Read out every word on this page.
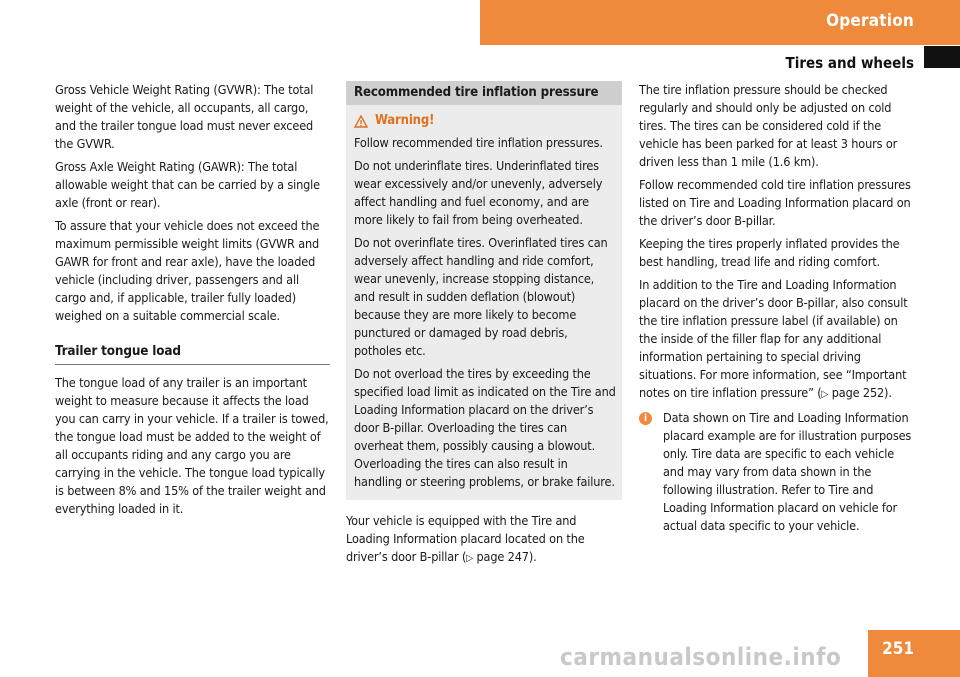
Operation
Tires and wheels

Gross Vehicle Weight Rating (GVWR): The total weight of the vehicle, all occupants, all cargo, and the trailer tongue load must never exceed the GVWR.

Gross Axle Weight Rating (GAWR): The total allowable weight that can be carried by a single axle (front or rear).

To assure that your vehicle does not exceed the maximum permissible weight limits (GVWR and GAWR for front and rear axle), have the loaded vehicle (including driver, passengers and all cargo and, if applicable, trailer fully loaded) weighed on a suitable commercial scale.

Trailer tongue load

The tongue load of any trailer is an important weight to measure because it affects the load you can carry in your vehicle. If a trailer is towed, the tongue load must be added to the weight of all occupants riding and any cargo you are carrying in the vehicle. The tongue load typically is between 8% and 15% of the trailer weight and everything loaded in it.

Recommended tire inflation pressure
Warning!

Follow recommended tire inflation pressures.

Do not underinflate tires. Underinflated tires wear excessively and/or unevenly, adversely affect handling and fuel economy, and are more likely to fail from being overheated.

Do not overinflate tires. Overinflated tires can adversely affect handling and ride comfort, wear unevenly, increase stopping distance, and result in sudden deflation (blowout) because they are more likely to become punctured or damaged by road debris, potholes etc.

Do not overload the tires by exceeding the specified load limit as indicated on the Tire and Loading Information placard on the driver’s door B-pillar. Overloading the tires can overheat them, possibly causing a blowout. Overloading the tires can also result in handling or steering problems, or brake failure.

Your vehicle is equipped with the Tire and Loading Information placard located on the driver’s door B-pillar (▷ page 247).

The tire inflation pressure should be checked regularly and should only be adjusted on cold tires. The tires can be considered cold if the vehicle has been parked for at least 3 hours or driven less than 1 mile (1.6 km).

Follow recommended cold tire inflation pressures listed on Tire and Loading Information placard on the driver’s door B-pillar.

Keeping the tires properly inflated provides the best handling, tread life and riding comfort.

In addition to the Tire and Loading Information placard on the driver’s door B-pillar, also consult the tire inflation pressure label (if available) on the inside of the filler flap for any additional information pertaining to special driving situations. For more information, see “Important notes on tire inflation pressure” (▷ page 252).

i	Data shown on Tire and Loading Information placard example are for illustration purposes only. Tire data are specific to each vehicle and may vary from data shown in the following illustration. Refer to Tire and Loading Information placard on vehicle for actual data specific to your vehicle.
carmanualsonline.info 251
